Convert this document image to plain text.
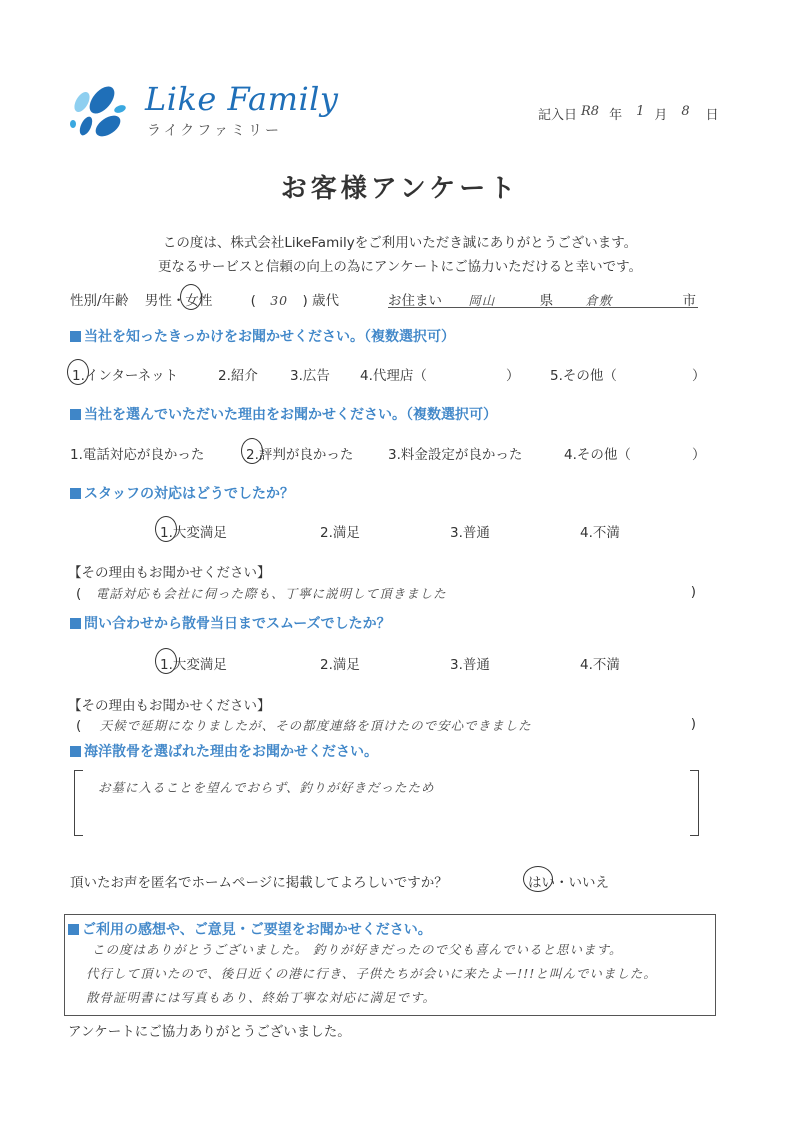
Like Family
ライクファミリー
記入日 R8 年 1 月 8 日
お客様アンケート
この度は、株式会社LikeFamilyをご利用いただき誠にありがとうございます。
更なるサービスと信頼の向上の為にアンケートにご協力いただけると幸いです。
性別/年齢 男性・女性	( 30 ) 歳代	お住まい 岡山	県	倉敷	市
当社を知ったきっかけをお聞かせください。（複数選択可）
1.インターネット	2.紹介 3.広告 4.代理店（	） 5.その他（	）
当社を選んでいただいた理由をお聞かせください。（複数選択可）
1.電話対応が良かった	2.評判が良かった	3.料金設定が良かった	4.その他（	）
スタッフの対応はどうでしたか？
1.大変満足	2.満足	3.普通	4.不満
【その理由もお聞かせください】
( 電話対応も会社に伺った際も、丁寧に説明して頂きました	)
問い合わせから散骨当日までスムーズでしたか？
1.大変満足	2.満足	3.普通	4.不満
【その理由もお聞かせください】
( 天候で延期になりましたが、その都度連絡を頂けたので安心できました	)
海洋散骨を選ばれた理由をお聞かせください。
お墓に入ることを望んでおらず、釣りが好きだったため
頂いたお声を匿名でホームページに掲載してよろしいですか？	はい・いいえ
ご利用の感想や、ご意見・ご要望をお聞かせください。
この度はありがとうございました。 釣りが好きだったので父も喜んでいると思います。
代行して頂いたので、後日近くの港に行き、子供たちが会いに来たよー!!!と叫んでいました。
散骨証明書には写真もあり、終始丁寧な対応に満足です。
アンケートにご協力ありがとうございました。
